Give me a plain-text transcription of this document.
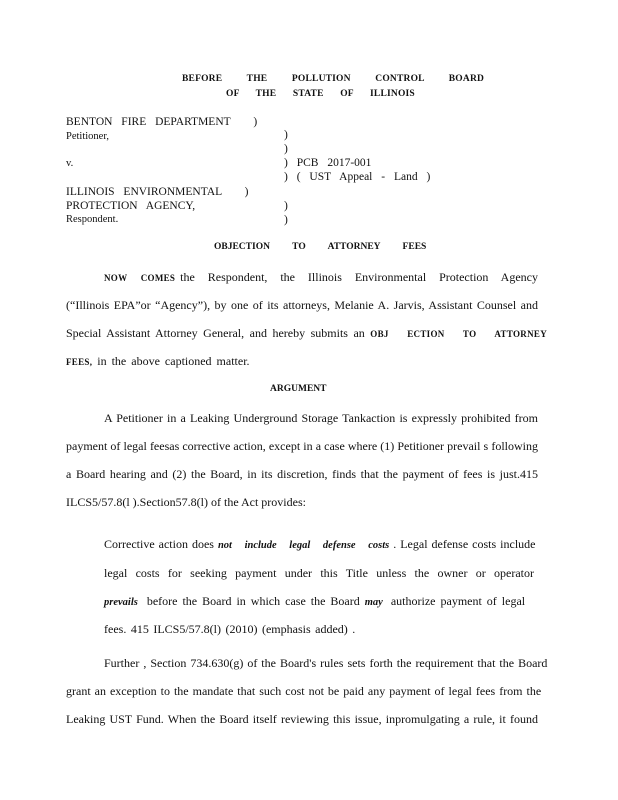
BEFORE THE POLLUTION CONTROL BOARD
OF THE STATE OF ILLINOIS
BENTON FIRE DEPARTMENT )
Petitioner,	)
)
v.	) PCB 2017-001
) ( UST Appeal - Land )
ILLINOIS ENVIRONMENTAL )
PROTECTION AGENCY,	)
Respondent.	)
OBJECTION TO ATTORNEY FEES
NOW COMES the Respondent, the Illinois Environmental Protection Agency
(“Illinois EPA”or “Agency”), by one of its attorneys, Melanie A. Jarvis, Assistant Counsel and
Special Assistant Attorney General, and hereby submits an OBJ ECTION TO ATTORNEY
FEES, in the above captioned matter.
ARGUMENT
A Petitioner in a Leaking Underground Storage Tankaction is expressly prohibited from
payment of legal feesas corrective action, except in a case where (1) Petitioner prevail s following
a Board hearing and (2) the Board, in its discretion, finds that the payment of fees is just.415
ILCS5/57.8(l ).Section57.8(l) of the Act provides:
Corrective action does not include legal defense costs . Legal defense costs include
legal costs for seeking payment under this Title unless the owner or operator
prevails before the Board in which case the Board may authorize payment of legal
fees. 415 ILCS5/57.8(l) (2010) (emphasis added) .
Further , Section 734.630(g) of the Board's rules sets forth the requirement that the Board
grant an exception to the mandate that such cost not be paid any payment of legal fees from the
Leaking UST Fund. When the Board itself reviewing this issue, inpromulgating a rule, it found
